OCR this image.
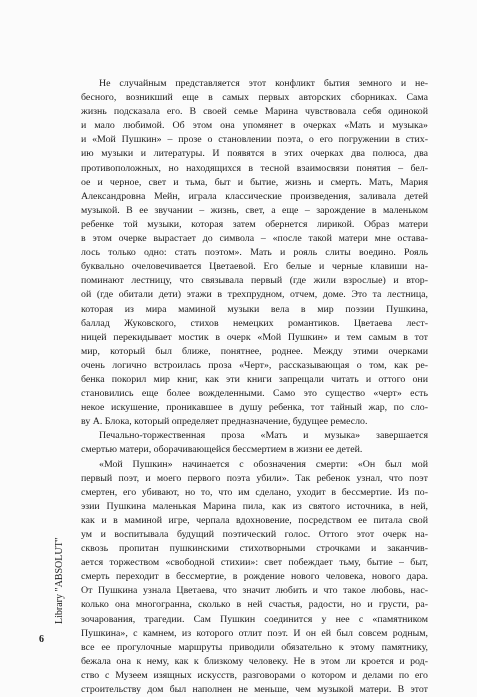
Не случайным представляется этот конфликт бытия земного и не-
бесного, возникший еще в самых первых авторских сборниках. Сама
жизнь подсказала его. В своей семье Марина чувствовала себя одинокой
и мало любимой. Об этом она упомянет в очерках «Мать и музыка»
и «Мой Пушкин» – прозе о становлении поэта, о его погружении в стих-
ию музыки и литературы. И появятся в этих очерках два полюса, два
противоположных, но находящихся в тесной взаимосвязи понятия – бел-
ое и черное, свет и тьма, быт и бытие, жизнь и смерть. Мать, Мария
Александровна Мейн, играла классические произведения, заливала детей
музыкой. В ее звучании – жизнь, свет, а еще – зарождение в маленьком
ребенке той музыки, которая затем обернется лирикой. Образ матери
в этом очерке вырастает до символа – «после такой матери мне остава-
лось только одно: стать поэтом». Мать и рояль слиты воедино. Рояль
буквально очеловечивается Цветаевой. Его белые и черные клавиши на-
поминают лестницу, что связывала первый (где жили взрослые) и втор-
ой (где обитали дети) этажи в трехпрудном, отчем, доме. Это та лестница,
которая из мира маминой музыки вела в мир поэзии Пушкина,
баллад Жуковского, стихов немецких романтиков. Цветаева лест-
ницей перекидывает мостик в очерк «Мой Пушкин» и тем самым в тот
мир, который был ближе, понятнее, роднее. Между этими очерками
очень логично встроилась проза «Черт», рассказывающая о том, как ре-
бенка покорил мир книг, как эти книги запрещали читать и оттого они
становились еще более вожделенными. Само это существо «черт» есть
некое искушение, проникавшее в душу ребенка, тот тайный жар, по сло-
ву А. Блока, который определяет предназначение, будущее ремесло.
Печально-торжественная проза «Мать и музыка» завершается
смертью матери, оборачивающейся бессмертием в жизни ее детей.
«Мой Пушкин» начинается с обозначения смерти: «Он был мой
первый поэт, и моего первого поэта убили». Так ребенок узнал, что поэт
смертен, его убивают, но то, что им сделано, уходит в бессмертие. Из по-
эзии Пушкина маленькая Марина пила, как из святого источника, в ней,
как и в маминой игре, черпала вдохновение, посредством ее питала свой
ум и воспитывала будущий поэтический голос. Оттого этот очерк на-
сквозь пропитан пушкинскими стихотворными строчками и заканчив-
ается торжеством «свободной стихии»: свет побеждает тьму, бытие – быт,
смерть переходит в бессмертие, в рождение нового человека, нового дара.
От Пушкина узнала Цветаева, что значит любить и что такое любовь, нас-
колько она многогранна, сколько в ней счастья, радости, но и грусти, ра-
зочарования, трагедии. Сам Пушкин соединится у нее с «памятником
Пушкина», с камнем, из которого отлит поэт. И он ей был совсем родным,
все ее прогулочные маршруты приводили обязательно к этому памятнику,
бежала она к нему, как к близкому человеку. Не в этом ли кроется и род-
ство с Музеем изящных искусств, разговорами о котором и делами по его
строительству дом был наполнен не меньше, чем музыкой матери. В этот
Library "ABSOLUT"
6
